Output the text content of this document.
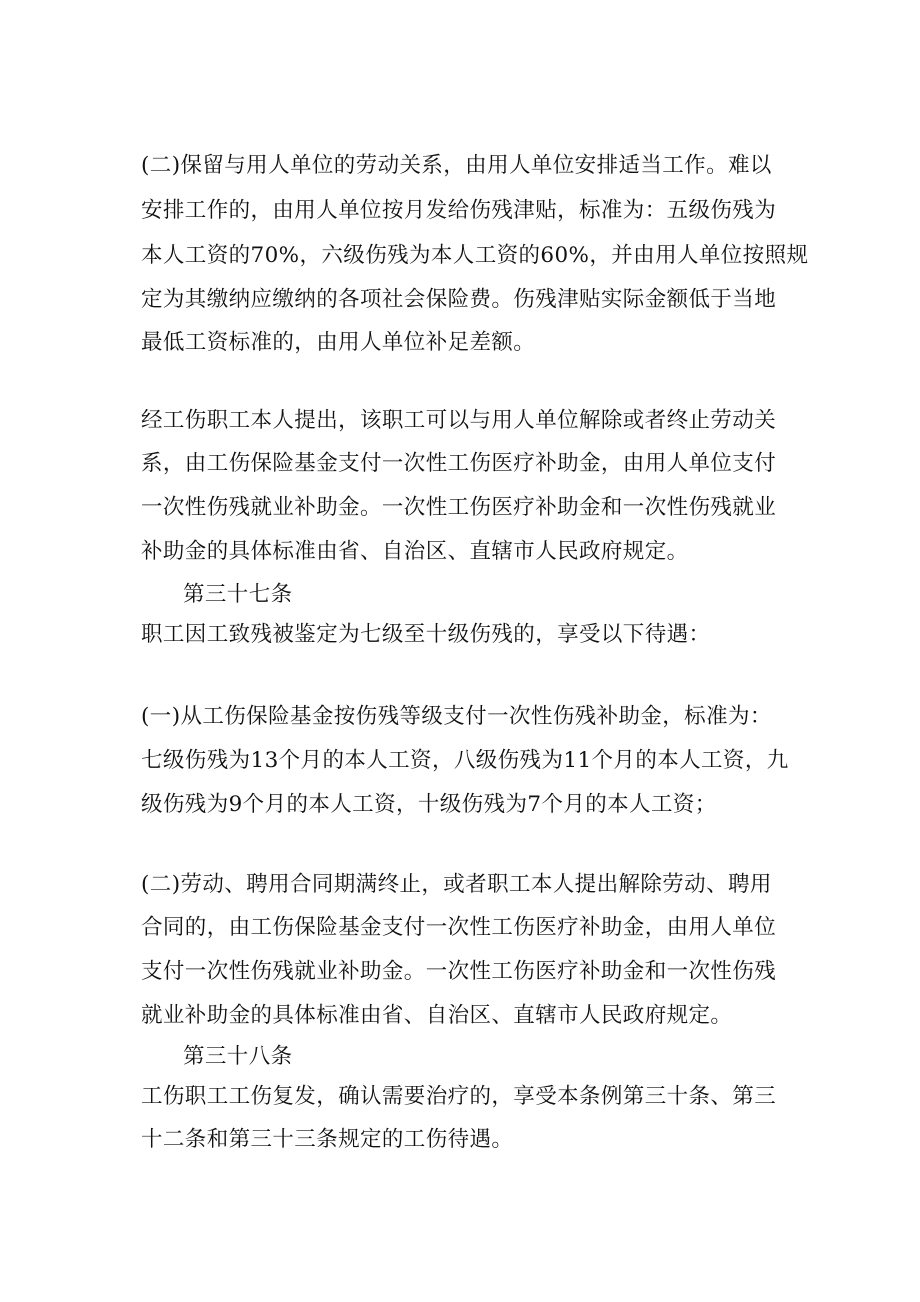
(二)保留与用人单位的劳动关系，由用人单位安排适当工作。难以
安排工作的，由用人单位按月发给伤残津贴，标准为：五级伤残为
本人工资的70%，六级伤残为本人工资的60%，并由用人单位按照规
定为其缴纳应缴纳的各项社会保险费。伤残津贴实际金额低于当地
最低工资标准的，由用人单位补足差额。
经工伤职工本人提出，该职工可以与用人单位解除或者终止劳动关
系，由工伤保险基金支付一次性工伤医疗补助金，由用人单位支付
一次性伤残就业补助金。一次性工伤医疗补助金和一次性伤残就业
补助金的具体标准由省、自治区、直辖市人民政府规定。
第三十七条
职工因工致残被鉴定为七级至十级伤残的，享受以下待遇：
(一)从工伤保险基金按伤残等级支付一次性伤残补助金，标准为：
七级伤残为13个月的本人工资，八级伤残为11个月的本人工资，九
级伤残为9个月的本人工资，十级伤残为7个月的本人工资；
(二)劳动、聘用合同期满终止，或者职工本人提出解除劳动、聘用
合同的，由工伤保险基金支付一次性工伤医疗补助金，由用人单位
支付一次性伤残就业补助金。一次性工伤医疗补助金和一次性伤残
就业补助金的具体标准由省、自治区、直辖市人民政府规定。
第三十八条
工伤职工工伤复发，确认需要治疗的，享受本条例第三十条、第三
十二条和第三十三条规定的工伤待遇。
